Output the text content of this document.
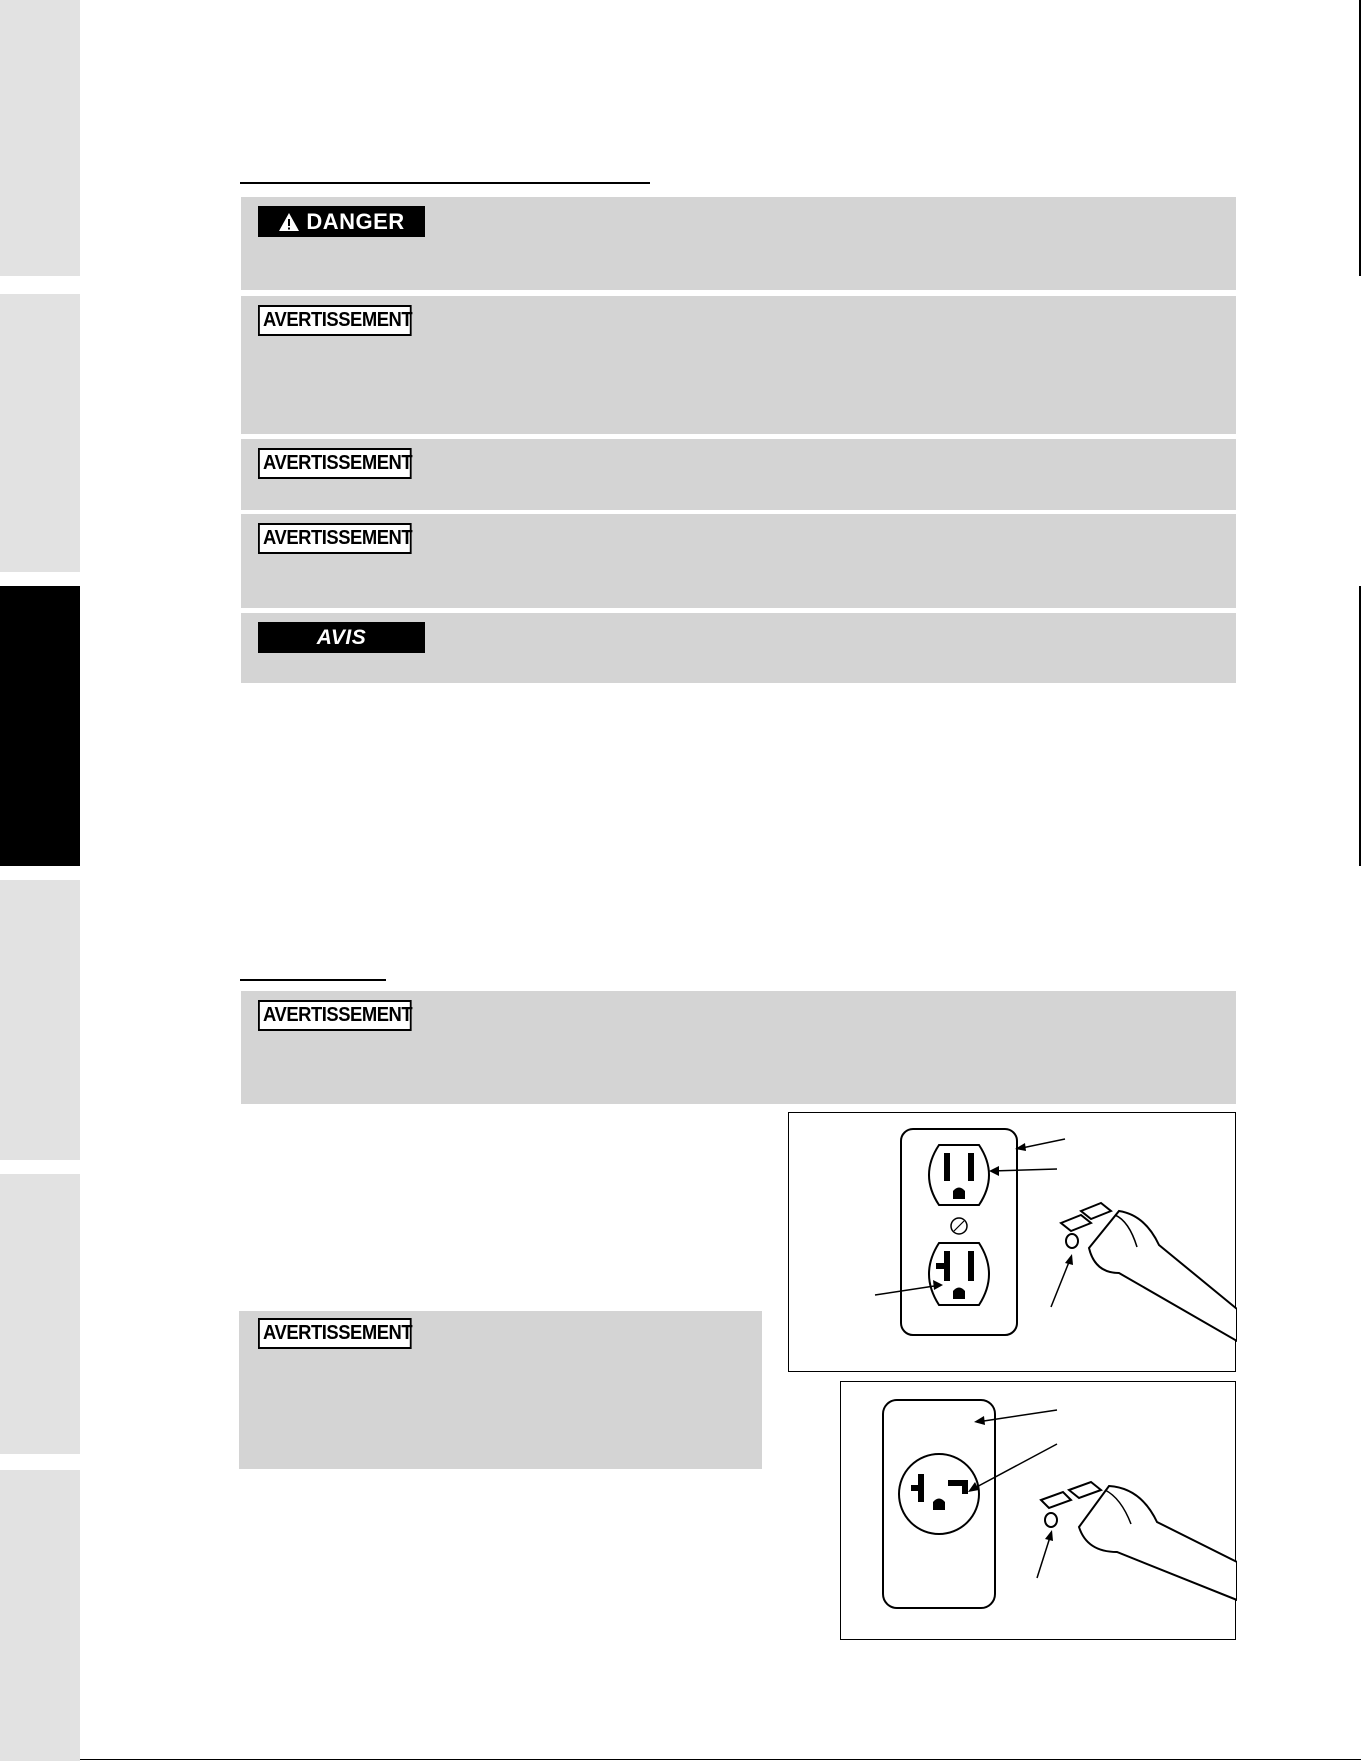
DANGER
AVERTISSEMENT
AVERTISSEMENT
AVERTISSEMENT
AVIS
AVERTISSEMENT
AVERTISSEMENT
